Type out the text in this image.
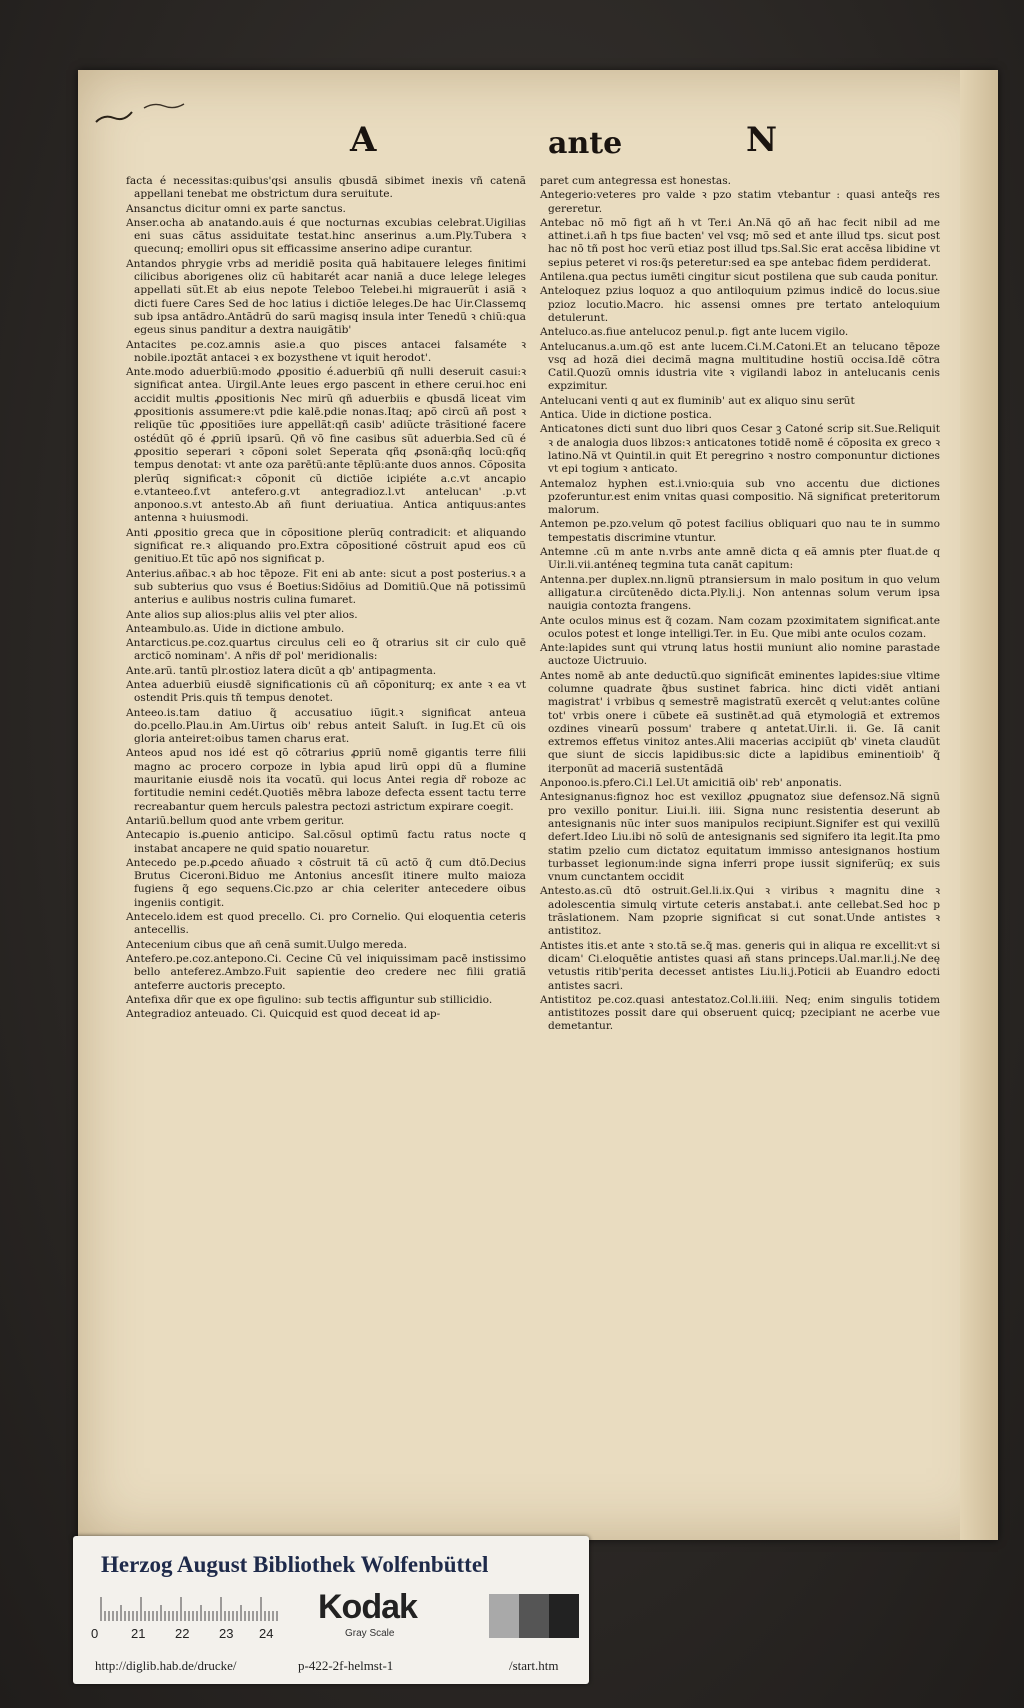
A	ante	N
facta é necessitas:quibus'qsi ansulis qbusdã sibimet inexis vñ catenã appellani tenebat me obstrictum dura seruitute.
Ansanctus dicitur omni ex parte sanctus.
Anser.ocha ab anatando.auis é que nocturnas excubias celebrat.Uigilias eni suas cãtus assiduitate testat.hinc anserinus a.um.Ply.Tubera ꝛ quecunq; emolliri opus sit efficassime anserino adipe curantur.
Antandos phrygie vrbs ad meridiē posita quã habitauere leleges finitimi cilicibus aborigenes oliz cũ habitarét acar naniã a duce lelege leleges appellati sũt.Et ab eius nepote Teleboo Telebei.hi migrauerũt i asiã ꝛ dicti fuere Cares Sed de hoc latius i dictiõe leleges.De hac Uir.Classemq sub ipsa antãdro.Antãdrũ do sarũ magisq insula inter Tenedũ ꝛ chiũ:qua egeus sinus panditur a dextra nauigãtib'
Antacites pe.coz.amnis asie.a quo pisces antacei falsaméte ꝛ nobile.ipoztãt antacei ꝛ ex bozysthene vt iquit herodot'.
Ante.modo aduerbiũ:modo ꝓpositio é.aduerbiũ qñ nulli deseruit casui:ꝛ significat antea. Uirgil.Ante leues ergo pascent in ethere cerui.hoc eni accidit multis ꝓpositionis Nec mirũ qñ aduerbiis e qbusdã liceat vim ꝓpositionis assumere:vt pdie kalē.pdie nonas.Itaq; apõ circũ añ post ꝛ reliqũe tũc ꝓpositiões iure appellãt:qñ casib' adiũcte trãsitioné facere ostédũt qõ é ꝓpriũ ipsarũ. Qñ võ fine casibus sũt aduerbia.Sed cũ é ꝓpositio seperari ꝛ cõponi solet Seperata qñq ꝓsonã:qñq locũ:qñq tempus denotat: vt ante oza parētũ:ante tēplũ:ante duos annos. Cõposita plerũq significat:ꝛ cõponit cũ dictiõe icipiéte a.c.vt ancapio e.vtanteeo.f.vt antefero.g.vt antegradioz.l.vt antelucan' .p.vt anponoo.s.vt antesto.Ab añ fiunt deriuatiua. Antica antiquus:antes antenna ꝛ huiusmodi.
Anti ꝓpositio greca que in cõpositione plerũq contradicit: et aliquando significat re.ꝛ aliquando pro.Extra cõpositioné cõstruit apud eos cũ genitiuo.Et tũc apõ nos significat p.
Anterius.añbac.ꝛ ab hoc tēpoze. Fit eni ab ante: sicut a post posterius.ꝛ a sub subterius quo vsus é Boetius:Sidõius ad Domitiũ.Que nã potissimũ anterius e aulibus nostris culina fumaret.
Ante alios sup alios:plus aliis vel pter alios.
Anteambulo.as. Uide in dictione ambulo.
Antarcticus.pe.coz.quartus circulus celi eo q̃ otrarius sit cir culo quē arcticõ nominam'. A nr̃is dr̃ pol' meridionalis:
Ante.arũ. tantũ plr.ostioz latera dicũt a qb' antipagmenta.
Antea aduerbiũ eiusdē significationis cũ añ cõponiturq; ex ante ꝛ ea vt ostendit Pris.quis tñ tempus denotet.
Anteeo.is.tam datiuo q̃ accusatiuo iũgit.ꝛ significat anteua do.pcello.Plau.in Am.Uirtus oib' rebus anteit Saluſt. in Iug.Et cũ ois gloria anteiret:oibus tamen charus erat.
Anteos apud nos idé est qõ cõtrarius ꝓpriũ nomē gigantis terre filii magno ac procero corpoze in lybia apud lirũ oppi dũ a flumine mauritanie eiusdē nois ita vocatũ. qui locus Antei regia dr̃ roboze ac fortitudie nemini cedét.Quotiēs mēbra laboze defecta essent tactu terre recreabantur quem herculs palestra pectozi astrictum expirare coegit.
Antariũ.bellum quod ante vrbem geritur.
Antecapio is.ꝓuenio anticipo. Sal.cõsul optimũ factu ratus nocte q instabat ancapere ne quid spatio nouaretur.
Antecedo pe.p.ꝓcedo añuado ꝛ cõstruit tã cũ actõ q̃ cum dtõ.Decius Brutus Ciceroni.Biduo me Antonius ancesſit itinere multo maioza fugiens q̃ ego sequens.Cic.pzo ar chia celeriter antecedere oibus ingeniis contigit.
Antecelo.idem est quod precello. Ci. pro Cornelio. Qui eloquentia ceteris antecellis.
Antecenium cibus que añ cenã sumit.Uulgo mereda.
Antefero.pe.coz.antepono.Ci. Cecine Cũ vel iniquissimam pacē instissimo bello anteferez.Ambzo.Fuit sapientie deo credere nec filii gratiã anteferre auctoris precepto.
Antefixa dñr que ex ope figulino: sub tectis affiguntur sub stillicidio.
Antegradioz anteuado. Ci. Quicquid est quod deceat id ap-
paret cum antegressa est honestas.
Antegerio:veteres pro valde ꝛ pzo statim vtebantur : quasi anteq̃s res gereretur.
Antebac nõ mõ figt añ h vt Ter.i An.Nã qõ añ hac fecit nibil ad me attinet.i.añ h tps fiue bacten' vel vsq; mõ sed et ante illud tps. sicut post hac nõ tñ post hoc verũ etiaz post illud tps.Sal.Sic erat accēsa libidine vt sepius peteret vi ros:q̃s peteretur:sed ea spe antebac fidem perdiderat.
Antilena.qua pectus iumēti cingitur sicut postilena que sub cauda ponitur.
Anteloquez pzius loquoz a quo antiloquium pzimus indicē do locus.siue pzioz locutio.Macro. hic assensi omnes pre tertato anteloquium detulerunt.
Anteluco.as.fiue antelucoz penul.p. figt ante lucem vigilo.
Antelucanus.a.um.qõ est ante lucem.Ci.M.Catoni.Et an telucano tēpoze vsq ad hozã diei decimã magna multitudine hostiũ occisa.Idē cõtra Catil.Quozũ omnis idustria vite ꝛ vigilandi laboz in antelucanis cenis expzimitur.
Antelucani venti q aut ex fluminib' aut ex aliquo sinu serũt
Antica. Uide in dictione postica.
Anticatones dicti sunt duo libri quos Cesar ꝫ Catoné scrip sit.Sue.Reliquit ꝛ de analogia duos libzos:ꝛ anticatones totidē nomē é cõposita ex greco ꝛ latino.Nã vt Quintil.in quit Et peregrino ꝛ nostro componuntur dictiones vt epi togium ꝛ anticato.
Antemaloz hyphen est.i.vnio:quia sub vno accentu due dictiones pzoferuntur.est enim vnitas quasi compositio. Nã significat preteritorum malorum.
Antemon pe.pzo.velum qõ potest facilius obliquari quo nau te in summo tempestatis discrimine vtuntur.
Antemne .cũ m ante n.vrbs ante amnē dicta q eã amnis pter fluat.de q Uir.li.vii.anténeq tegmina tuta canãt capitum:
Antenna.per duplex.nn.lignũ ptransiersum in malo positum in quo velum alligatur.a circũtenēdo dicta.Ply.li.j. Non antennas solum verum ipsa nauigia contozta frangens.
Ante oculos minus est q̃ cozam. Nam cozam pzoximitatem significat.ante oculos potest et longe intelligi.Ter. in Eu. Que mibi ante oculos cozam.
Ante:lapides sunt qui vtrunq latus hostii muniunt alio nomine parastade auctoze Uictruuio.
Antes nomē ab ante deductũ.quo significãt eminentes lapides:siue vltime columne quadrate q̃bus sustinet fabrica. hinc dicti vidēt antiani magistrat' i vrbibus q semestrē magistratũ exercēt q velut:antes colũne tot' vrbis onere i cũbete eã sustinēt.ad quã etymologiã et extremos ozdines vinearũ possum' trabere q antetat.Uir.li. ii. Ge. Iã canit extremos effetus vinitoz antes.Alii macerias accipiũt qb' vineta claudũt que siunt de siccis lapidibus:sic dicte a lapidibus eminentioib' q̃ iterponũt ad maceriã sustentãdã
Anponoo.is.pfero.Ci.l Lel.Ut amicitiã oib' reb' anponatis.
Antesignanus:fignoz hoc est vexilloz ꝓpugnatoz siue defensoz.Nã signũ pro vexillo ponitur. Liui.li. iiii. Signa nunc resistentia deserunt ab antesignanis nũc inter suos manipulos recipiunt.Signifer est qui vexillũ defert.Ideo Liu.ibi nõ solũ de antesignanis sed signifero ita legit.Ita pmo statim pzelio cum dictatoz equitatum immisso antesignanos hostium turbasset legionum:inde signa inferri prope iussit signiferũq; ex suis vnum cunctantem occidit
Antesto.as.cũ dtõ ostruit.Gel.li.ix.Qui ꝛ viribus ꝛ magnitu dine ꝛ adolescentia simulq virtute ceteris anstabat.i. ante cellebat.Sed hoc p trãslationem. Nam pzoprie significat si cut sonat.Unde antistes ꝛ antistitoz.
Antistes itis.et ante ꝛ sto.tã se.q̃ mas. generis qui in aliqua re excellit:vt si dicam' Ci.eloquētie antistes quasi añ stans princeps.Ual.mar.li.j.Ne deę vetustis ritib'perita decesset antistes Liu.li.j.Poticii ab Euandro edocti antistes sacri.
Antistitoz pe.coz.quasi antestatoz.Col.li.iiii. Neq; enim singulis totidem antistitozes possit dare qui obseruent quicq; pzecipiant ne acerbe vue demetantur.
Herzog August Bibliothek Wolfenbüttel
0	21 22 23 24
Kodak
Gray Scale
http://diglib.hab.de/drucke/	p-422-2f-helmst-1	/start.htm
